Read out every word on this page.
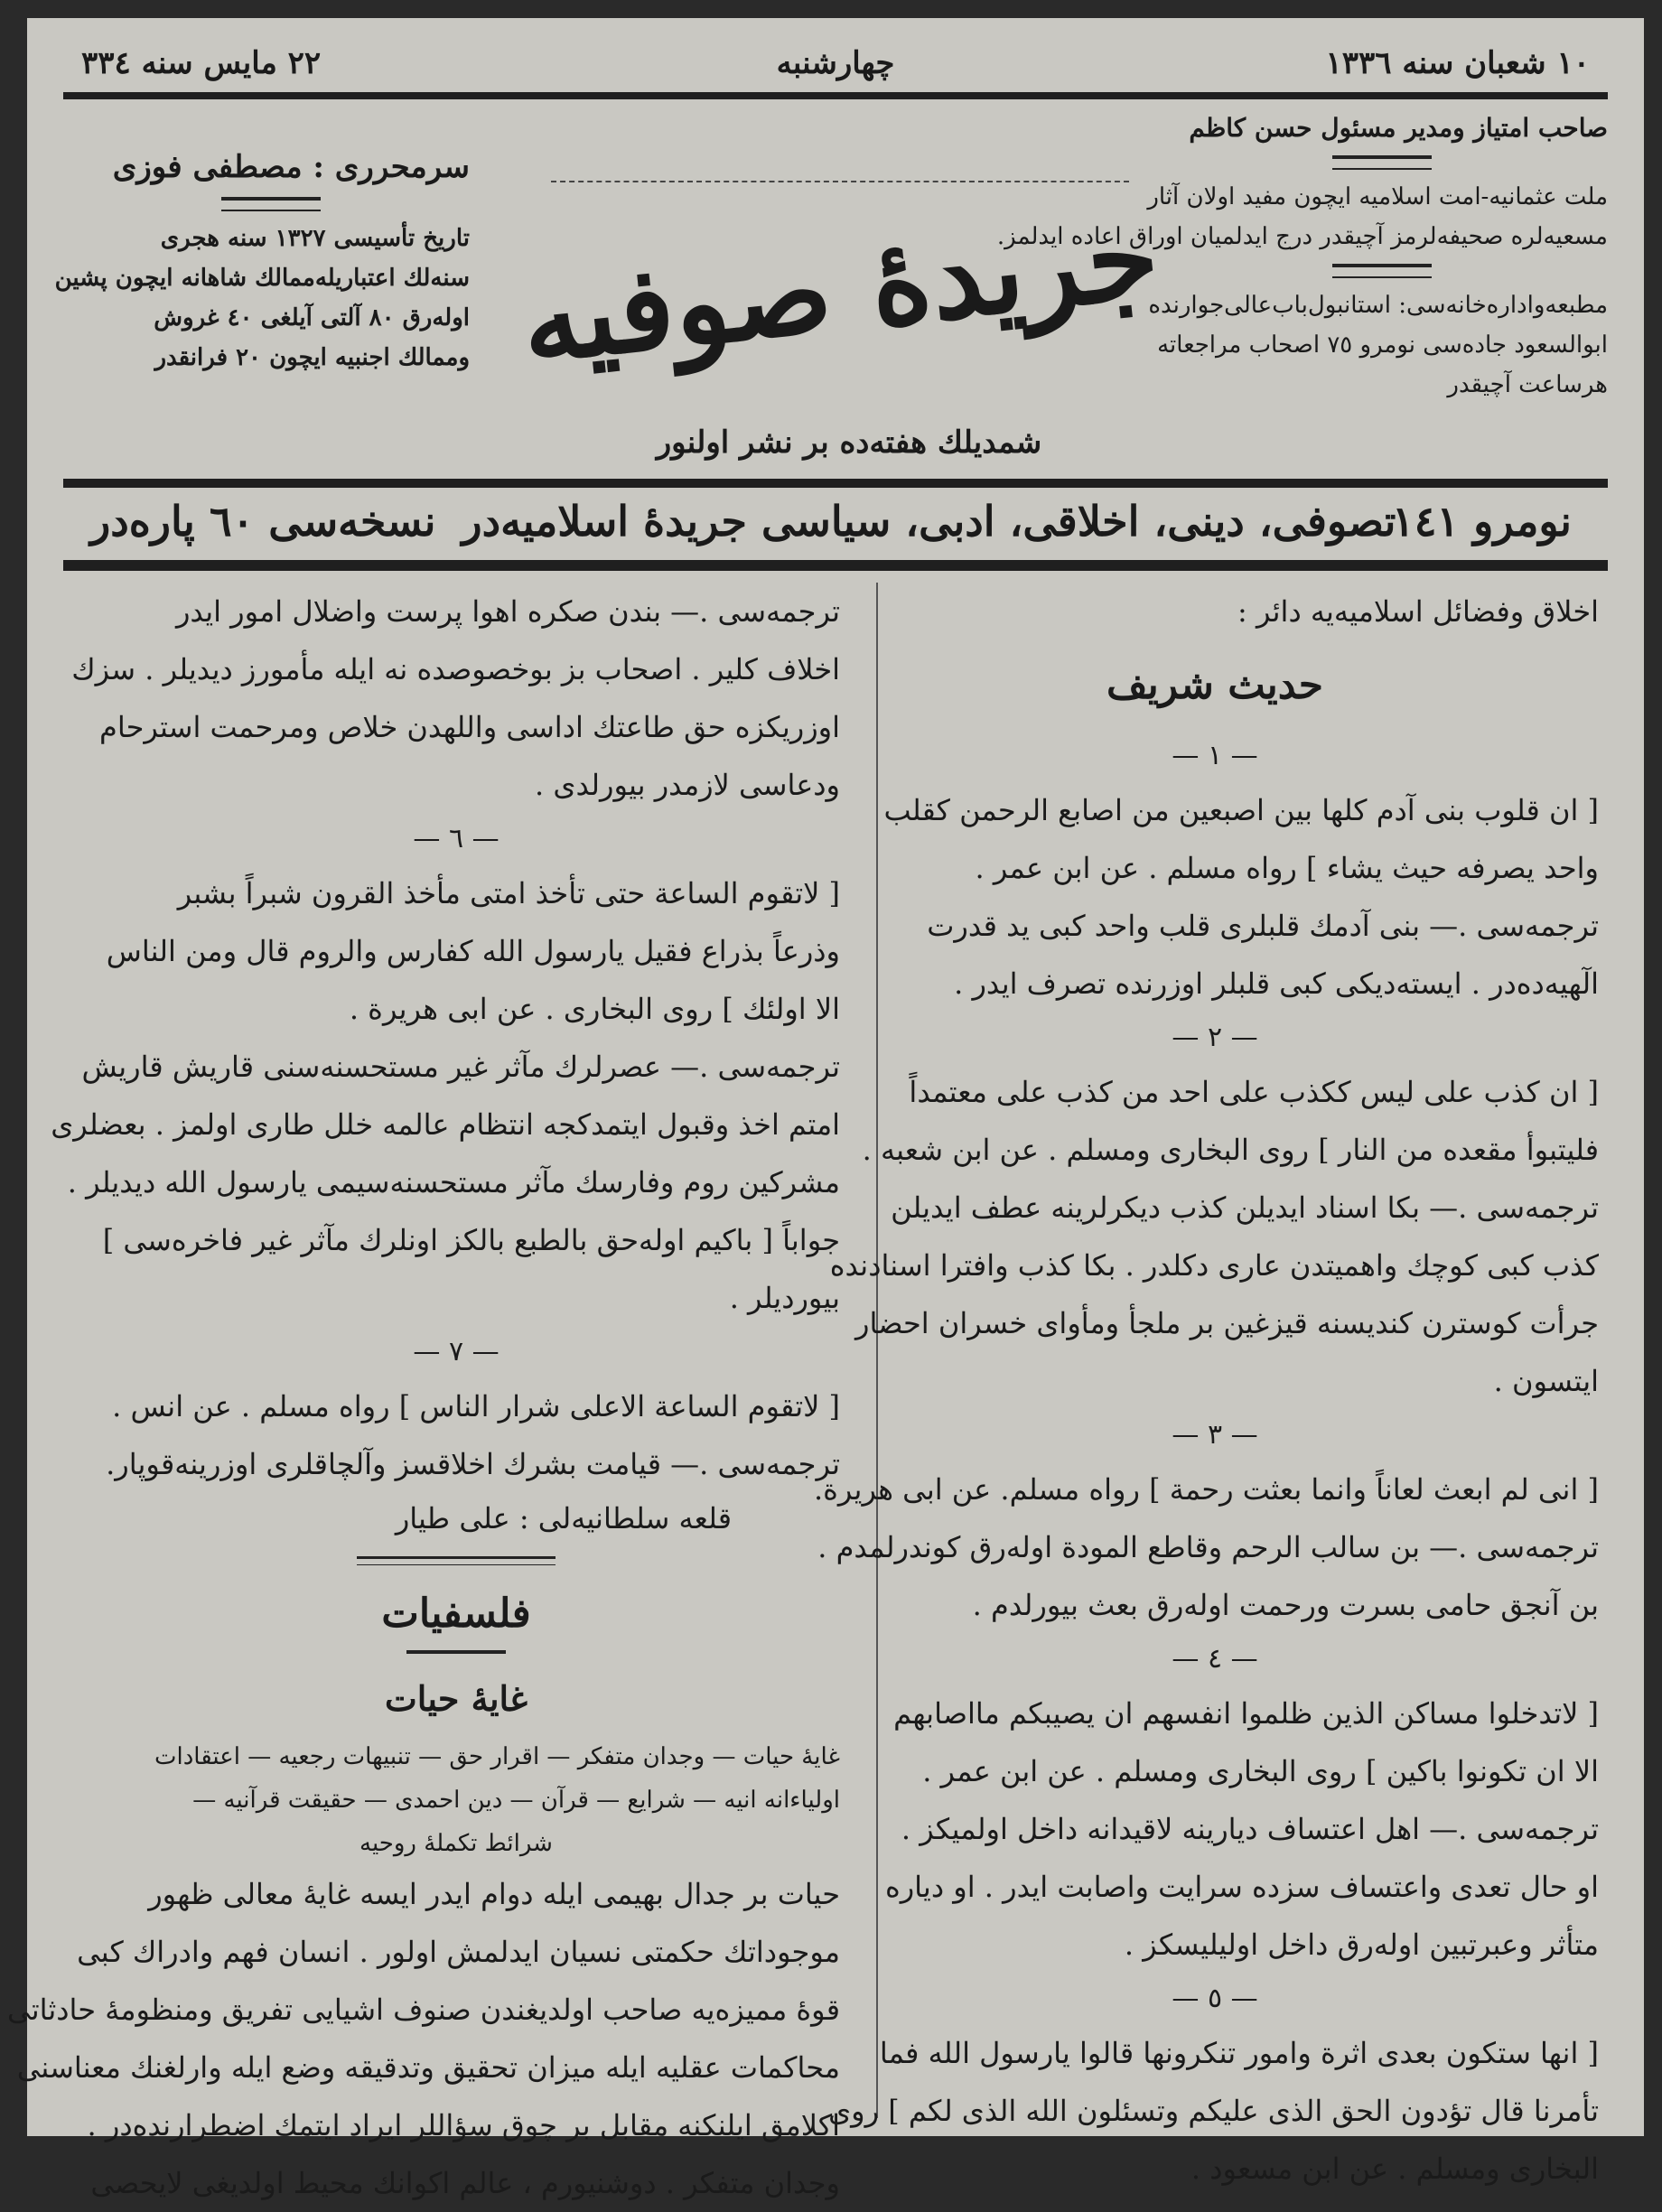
١٠ شعبان سنه ١٣٣٦
چهارشنبه
٢٢ مايس سنه ٣٣٤
صاحب امتياز ومدير مسئول حسن كاظم
ملت عثمانيه-امت اسلاميه ايچون مفيد اولان آثار
مسعيه‌لره صحيفه‌لرمز آچيقدر درج ايدلميان اوراق اعاده ايدلمز.
مطبعه‌وادارەخانەسی: استانبول‌باب‌عالی‌جوارنده
ابوالسعود جاده‌سی نومرو ٧٥ اصحاب مراجعاته
هرساعت آچيقدر
جريدهٔ صوفيه
سرمحرری : مصطفی فوزی
تاريخ تأسيسی ١٣٢٧ سنه هجری
سنه‌لك اعتباريله‌ممالك شاهانه ايچون پشين
اولەرق ٨٠ آلتی آيلغی ٤٠ غروش
وممالك اجنبيه ايچون ٢٠ فرانقدر
شمديلك هفته‌ده بر نشر اولنور
نومرو ١٤١
تصوفی، دينی، اخلاقی، ادبی، سياسی جريدهٔ اسلاميه‌در
نسخه‌سی ٦٠ پاره‌در
اخلاق وفضائل اسلاميه‌يه دائر :
حديث شريف
— ١ —
[ ان قلوب بنی آدم كلها بين اصبعين من اصابع الرحمن كقلب
واحد يصرفه حيث يشاء ] رواه مسلم . عن ابن عمر .
ترجمه‌سی .— بنی آدمك قلبلری قلب واحد كبی يد قدرت
الٓهيه‌ده‌در . ايسته‌ديكی كبی قلبلر اوزرنده تصرف ايدر .
— ٢ —
[ ان كذب علی ليس ككذب علی احد من كذب علی معتمداً
فليتبوأ مقعده من النار ] روی البخاری ومسلم . عن ابن شعبه .
ترجمه‌سی .— بكا اسناد ايديلن كذب ديكرلرينه عطف ايديلن
كذب كبی كوچك واهميتدن عاری دكلدر . بكا كذب وافترا اسنادنده
جرأت كوسترن كنديسنه قيزغين بر ملجأ ومأوای خسران احضار
ايتسون .
— ٣ —
[ انی لم ابعث لعاناً وانما بعثت رحمة ] رواه مسلم. عن ابی هريرة.
ترجمه‌سی .— بن سالب الرحم وقاطع المودة اوله‌رق كوندرلمدم .
بن آنجق حامی بسرت ورحمت اولەرق بعث بيورلدم .
— ٤ —
[ لاتدخلوا مساكن الذين ظلموا انفسهم ان يصيبكم مااصابهم
الا ان تكونوا باكين ] روی البخاری ومسلم . عن ابن عمر .
ترجمه‌سی .— اهل اعتساف ديارينه لاقيدانه داخل اولميكز .
او حال تعدی واعتساف سزده سرايت واصابت ايدر . او دياره
متأثر وعبرتبين اوله‌رق داخل اوليليسكز .
— ٥ —
[ انها ستكون بعدى اثرة وامور تنكرونها قالوا يارسول الله فما
تأمرنا قال تؤدون الحق الذی عليكم وتسئلون الله الذی لكم ] روی
البخاری ومسلم . عن ابن مسعود .
ترجمه‌سی .— بندن صكره اهوا پرست واضلال امور ايدر
اخلاف كلير . اصحاب بز بوخصوصده نه ايله مأمورز ديديلر . سزك
اوزريكزه حق طاعتك اداسی واللهدن خلاص ومرحمت استرحام
ودعاسی لازمدر بيورلدی .
— ٦ —
[ لاتقوم الساعة حتی تأخذ امتی مأخذ القرون شبراً بشبر
وذرعاً بذراع فقيل يارسول الله كفارس والروم قال ومن الناس
الا اولئك ] روی البخاری . عن ابی هريرة .
ترجمه‌سی .— عصرلرك مآثر غير مستحسنه‌سنی قاريش قاريش
امتم اخذ وقبول ايتمدكجه انتظام عالمه خلل طاری اولمز . بعضلری
مشركين روم وفارسك مآثر مستحسنه‌سيمی يارسول الله ديديلر .
جواباً [ باكيم اوله‌حق بالطبع بالكز اونلرك مآثر غير فاخره‌سی ]
بيورديلر .
— ٧ —
[ لاتقوم الساعة الاعلی شرار الناس ] رواه مسلم . عن انس .
ترجمه‌سی .— قيامت بشرك اخلاقسز وآلچاقلری اوزرينه‌قوپار.
قلعه‌ سلطانيه‌لی : علی طيار
فلسفيات
غايهٔ حيات
غايهٔ حيات — وجدان متفكر — اقرار حق — تنبيهات رجعيه — اعتقادات
اولياءانه انيه — شرايع — قرآن — دين احمدی — حقيقت قرآنيه —
شرائط تكملهٔ روحيه
حيات بر جدال بهيمی ايله دوام ايدر ايسه غايهٔ معالی ظهور
موجوداتك حكمتی نسيان ايدلمش اولور . انسان فهم وادراك كبی
قوه‌ٔ مميزه‌يه صاحب اولديغندن صنوف اشيايی تفريق ومنظومهٔ حادثاتی
محاكمات عقليه ايله ميزان تحقيق وتدقيقه وضع ايله وارلغنك معناسنی
اكلامق ايلنكنه مقابل بر چوق سؤاللر ايراد ايتمك اضطرارنده‌در .
وجدان متفكر . دوشنيورم ، عالم اكوانك محيط اولديغی لايحصی
